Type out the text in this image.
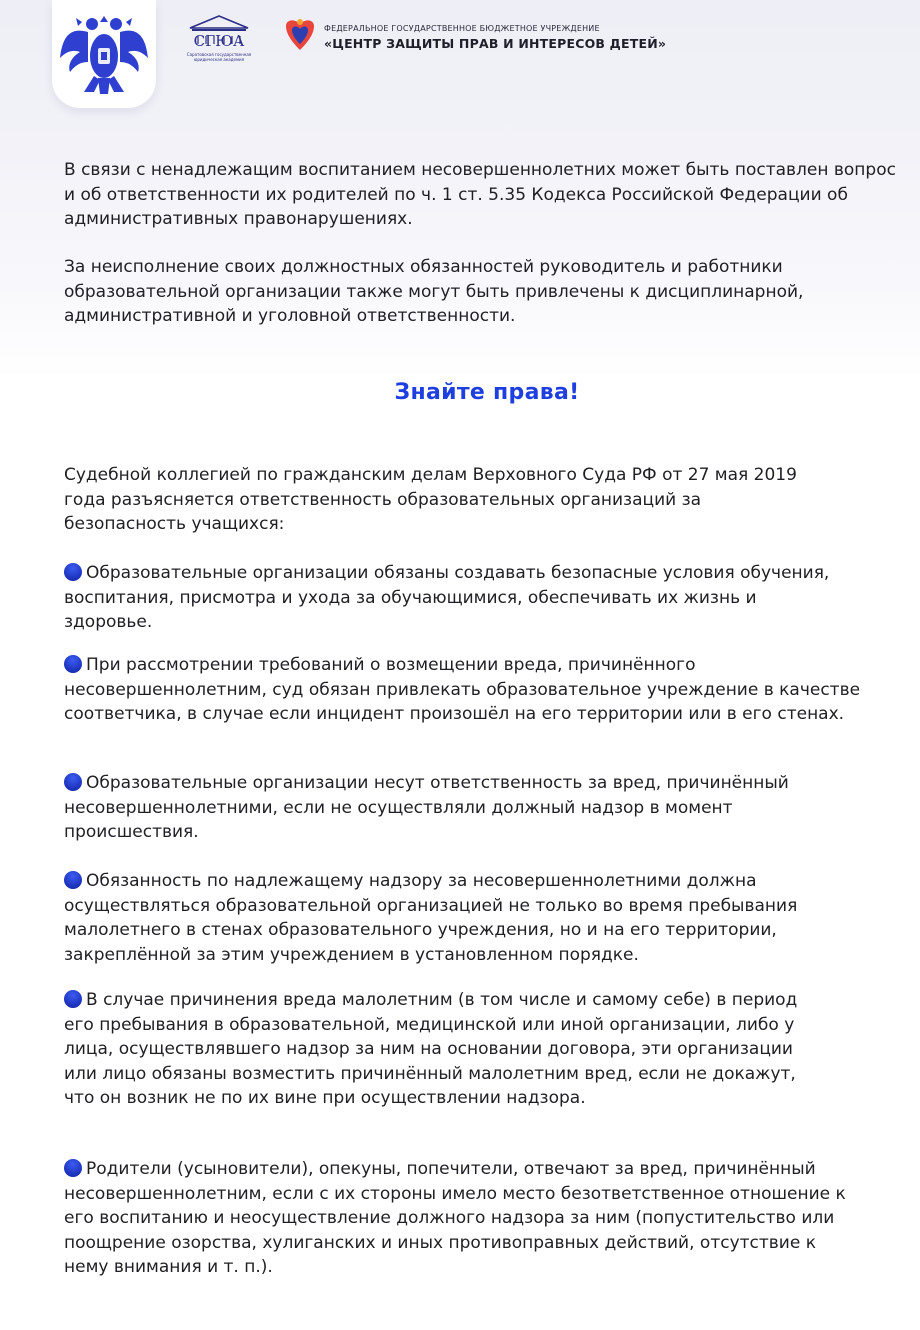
СГЮА
Саратовская государственная юридическая академия
ФЕДЕРАЛЬНОЕ ГОСУДАРСТВЕННОЕ БЮДЖЕТНОЕ УЧРЕЖДЕНИЕ
«ЦЕНТР ЗАЩИТЫ ПРАВ И ИНТЕРЕСОВ ДЕТЕЙ»

В связи с ненадлежащим воспитанием несовершеннолетних может быть поставлен вопрос и об ответственности их родителей по ч. 1 ст. 5.35 Кодекса Российской Федерации об административных правонарушениях.

За неисполнение своих должностных обязанностей руководитель и работники образовательной организации также могут быть привлечены к дисциплинарной, административной и уголовной ответственности.

Знайте права!

Судебной коллегией по гражданским делам Верховного Суда РФ от 27 мая 2019 года разъясняется ответственность образовательных организаций за безопасность учащихся:

Образовательные организации обязаны создавать безопасные условия обучения, воспитания, присмотра и ухода за обучающимися, обеспечивать их жизнь и здоровье.

При рассмотрении требований о возмещении вреда, причинённого несовершеннолетним, суд обязан привлекать образовательное учреждение в качестве соответчика, в случае если инцидент произошёл на его территории или в его стенах.

Образовательные организации несут ответственность за вред, причинённый несовершеннолетними, если не осуществляли должный надзор в момент происшествия.

Обязанность по надлежащему надзору за несовершеннолетними должна осуществляться образовательной организацией не только во время пребывания малолетнего в стенах образовательного учреждения, но и на его территории, закреплённой за этим учреждением в установленном порядке.

В случае причинения вреда малолетним (в том числе и самому себе) в период его пребывания в образовательной, медицинской или иной организации, либо у лица, осуществлявшего надзор за ним на основании договора, эти организации или лицо обязаны возместить причинённый малолетним вред, если не докажут, что он возник не по их вине при осуществлении надзора.

Родители (усыновители), опекуны, попечители, отвечают за вред, причинённый несовершеннолетним, если с их стороны имело место безответственное отношение к его воспитанию и неосуществление должного надзора за ним (попустительство или поощрение озорства, хулиганских и иных противоправных действий, отсутствие к нему внимания и т. п.).
